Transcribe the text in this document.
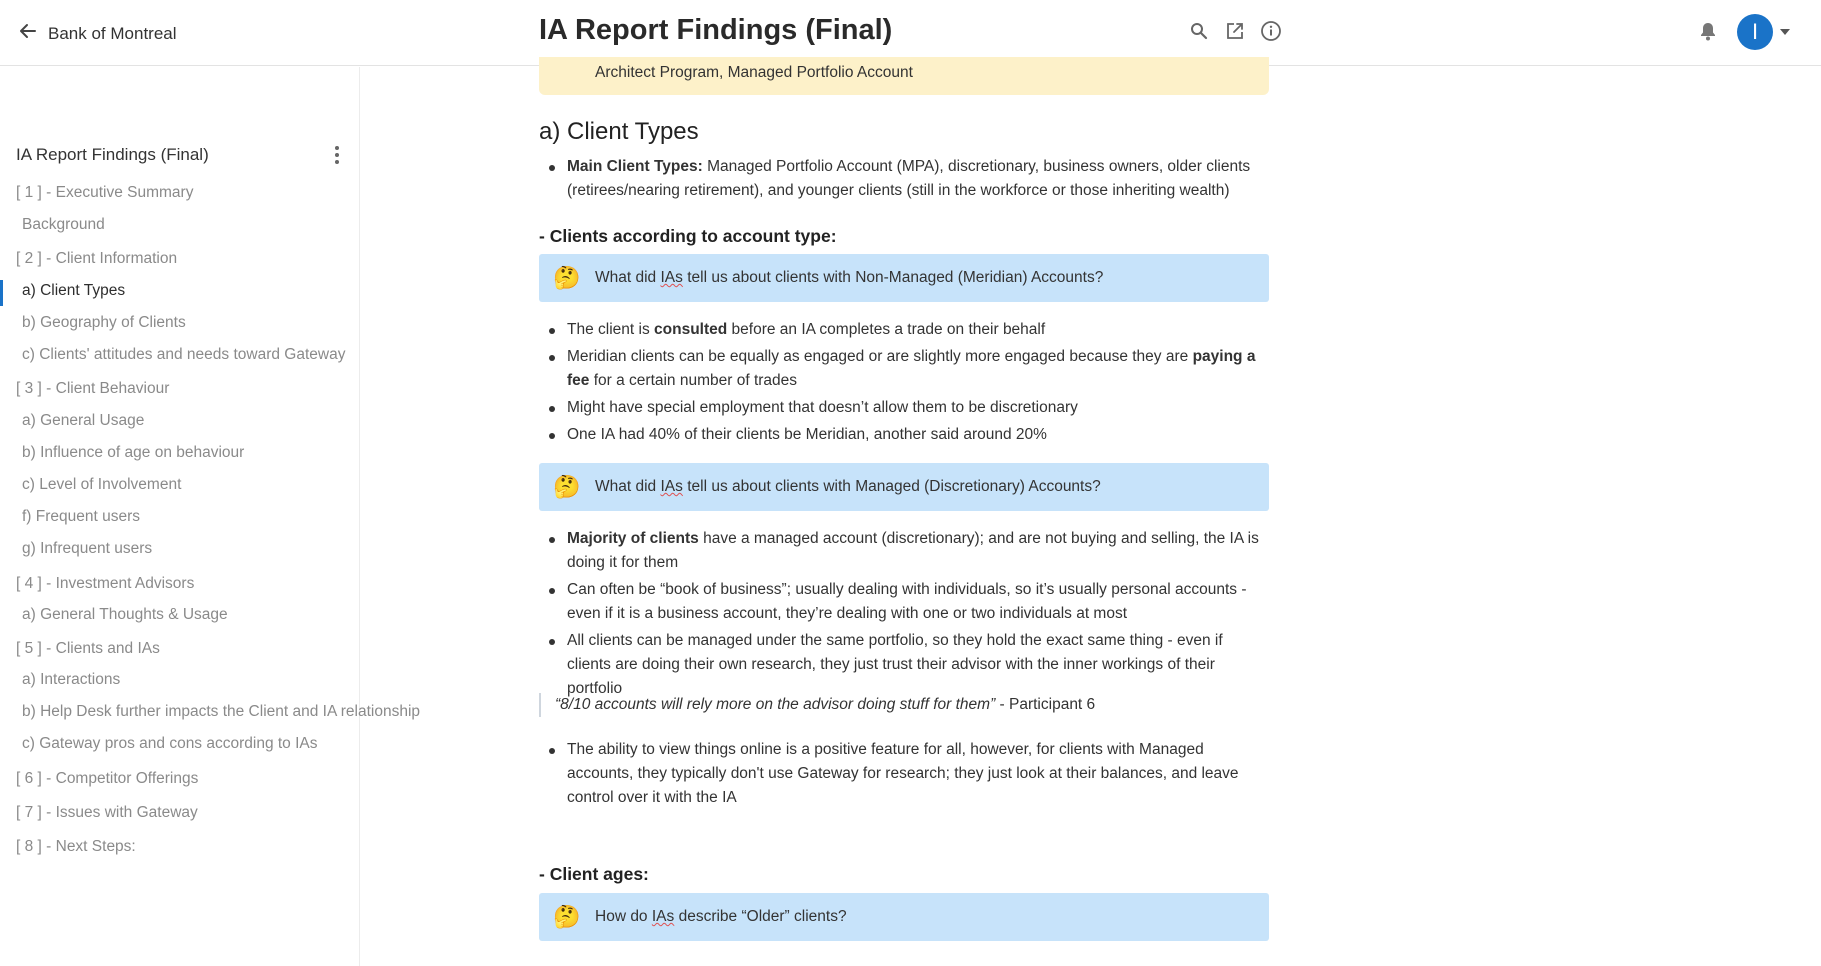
Bank of Montreal	IA Report Findings (Final)	I
IA Report Findings (Final)
[ 1 ] - Executive Summary
Background
[ 2 ] - Client Information
a) Client Types
b) Geography of Clients
c) Clients' attitudes and needs toward Gateway
[ 3 ] - Client Behaviour
a) General Usage
b) Influence of age on behaviour
c) Level of Involvement
f) Frequent users
g) Infrequent users
[ 4 ] - Investment Advisors
a) General Thoughts & Usage
[ 5 ] - Clients and IAs
a) Interactions
b) Help Desk further impacts the Client and IA relationship
c) Gateway pros and cons according to IAs
[ 6 ] - Competitor Offerings
[ 7 ] - Issues with Gateway
[ 8 ] - Next Steps:
Architect Program, Managed Portfolio Account
a) Client Types
Main Client Types: Managed Portfolio Account (MPA), discretionary, business owners, older clients (retirees/nearing retirement), and younger clients (still in the workforce or those inheriting wealth)
- Clients according to account type:
🤔 What did IAs tell us about clients with Non-Managed (Meridian) Accounts?
The client is consulted before an IA completes a trade on their behalf
Meridian clients can be equally as engaged or are slightly more engaged because they are paying a fee for a certain number of trades
Might have special employment that doesn’t allow them to be discretionary
One IA had 40% of their clients be Meridian, another said around 20%
🤔 What did IAs tell us about clients with Managed (Discretionary) Accounts?
Majority of clients have a managed account (discretionary); and are not buying and selling, the IA is doing it for them
Can often be “book of business”; usually dealing with individuals, so it’s usually personal accounts - even if it is a business account, they’re dealing with one or two individuals at most
All clients can be managed under the same portfolio, so they hold the exact same thing - even if clients are doing their own research, they just trust their advisor with the inner workings of their portfolio
“8/10 accounts will rely more on the advisor doing stuff for them” - Participant 6
The ability to view things online is a positive feature for all, however, for clients with Managed accounts, they typically don't use Gateway for research; they just look at their balances, and leave control over it with the IA
- Client ages:
🤔 How do IAs describe “Older” clients?
